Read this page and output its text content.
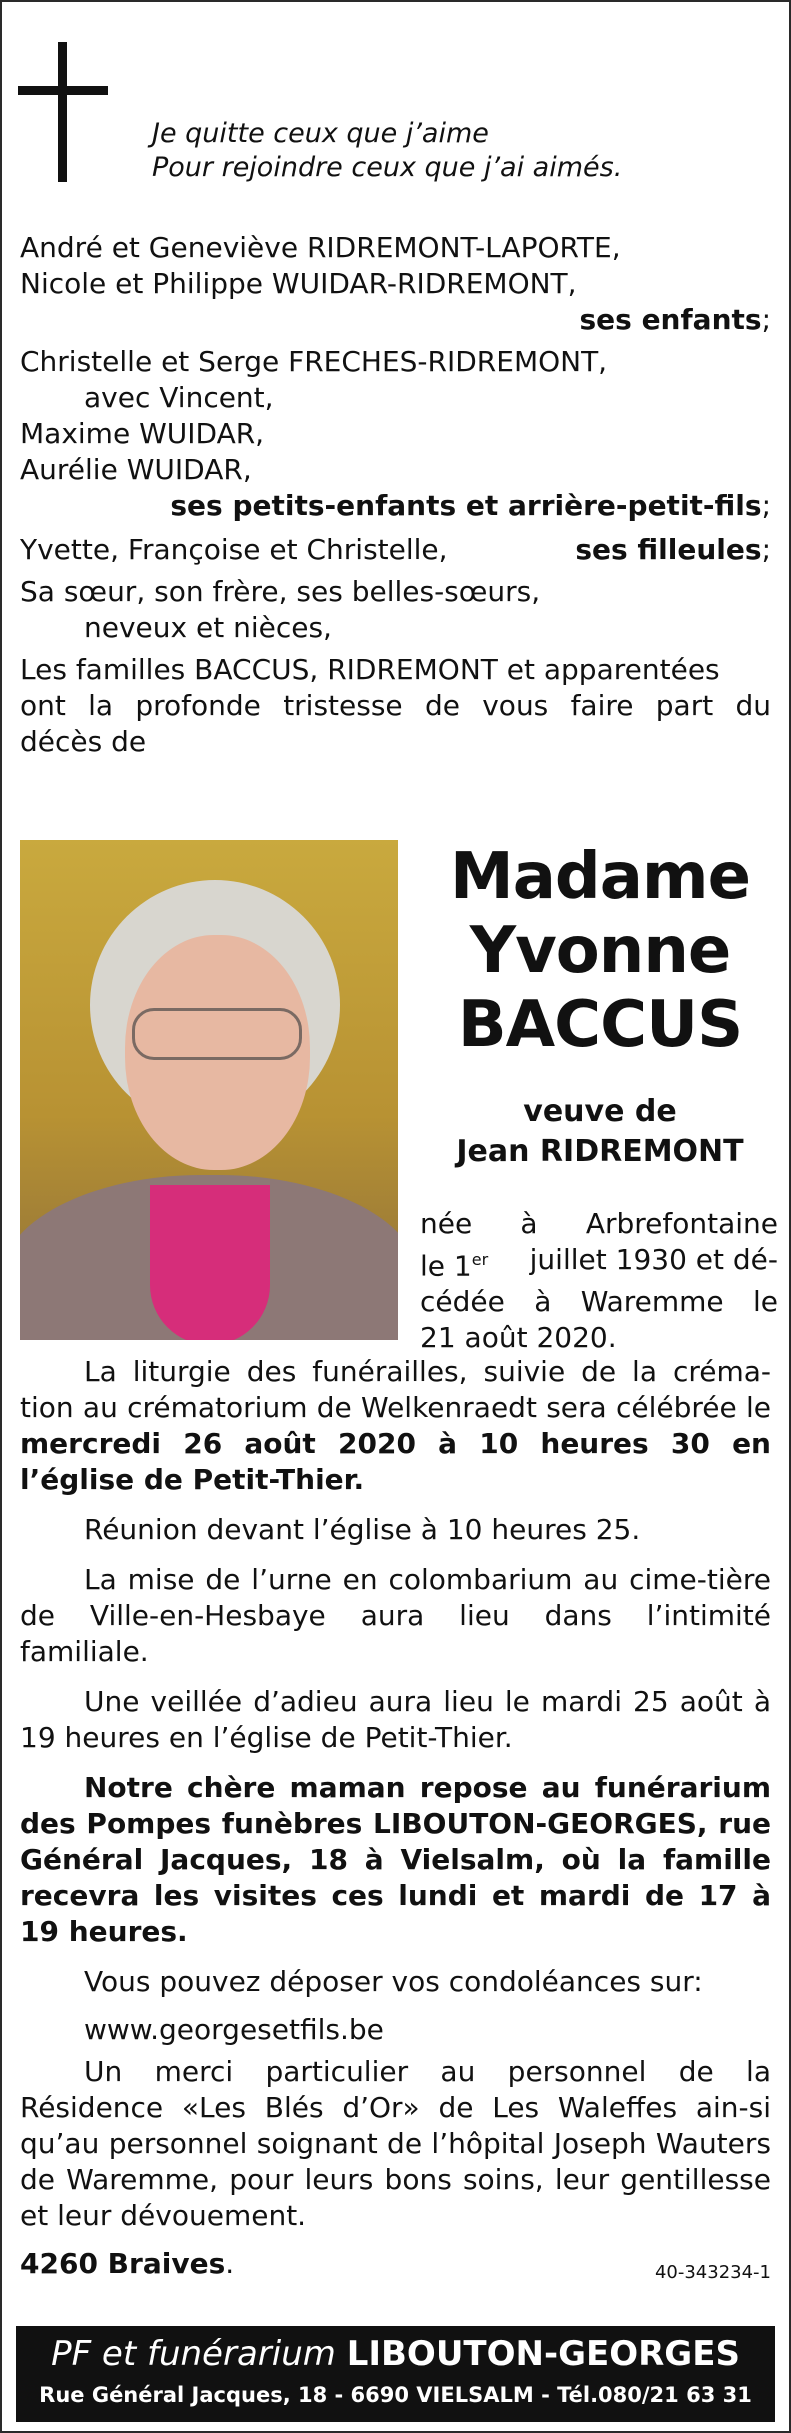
Je quitte ceux que j’aime
Pour rejoindre ceux que j’ai aimés.
André et Geneviève RIDREMONT-LAPORTE,
Nicole et Philippe WUIDAR-RIDREMONT,
ses enfants;
Christelle et Serge FRECHES-RIDREMONT,
avec Vincent,
Maxime WUIDAR,
Aurélie WUIDAR,
ses petits-enfants et arrière-petit-fils;
Yvette, Françoise et Christelle,	ses filleules;
Sa sœur, son frère, ses belles-sœurs,
neveux et nièces,
Les familles BACCUS, RIDREMONT et apparentées
ont la profonde tristesse de vous faire part du
décès de
Madame
Yvonne
BACCUS
veuve de
Jean RIDREMONT
née à Arbrefontaine
le 1er juillet 1930 et dé-
cédée à Waremme le
21 août 2020.
La liturgie des funérailles, suivie de la créma-tion au crématorium de Welkenraedt sera célébrée le mercredi 26 août 2020 à 10 heures 30 en l’église de Petit-Thier.
Réunion devant l’église à 10 heures 25.
La mise de l’urne en colombarium au cime-tière de Ville-en-Hesbaye aura lieu dans l’intimité familiale.
Une veillée d’adieu aura lieu le mardi 25 août à 19 heures en l’église de Petit-Thier.
Notre chère maman repose au funérarium des Pompes funèbres LIBOUTON-GEORGES, rue Général Jacques, 18 à Vielsalm, où la famille recevra les visites ces lundi et mardi de 17 à 19 heures.
Vous pouvez déposer vos condoléances sur:
www.georgesetfils.be
Un merci particulier au personnel de la Résidence «Les Blés d’Or» de Les Waleffes ain-si qu’au personnel soignant de l’hôpital Joseph Wauters de Waremme, pour leurs bons soins, leur gentillesse et leur dévouement.
4260 Braives.	40-343234-1
PF et funérarium LIBOUTON-GEORGES
Rue Général Jacques, 18 - 6690 VIELSALM - Tél.080/21 63 31
